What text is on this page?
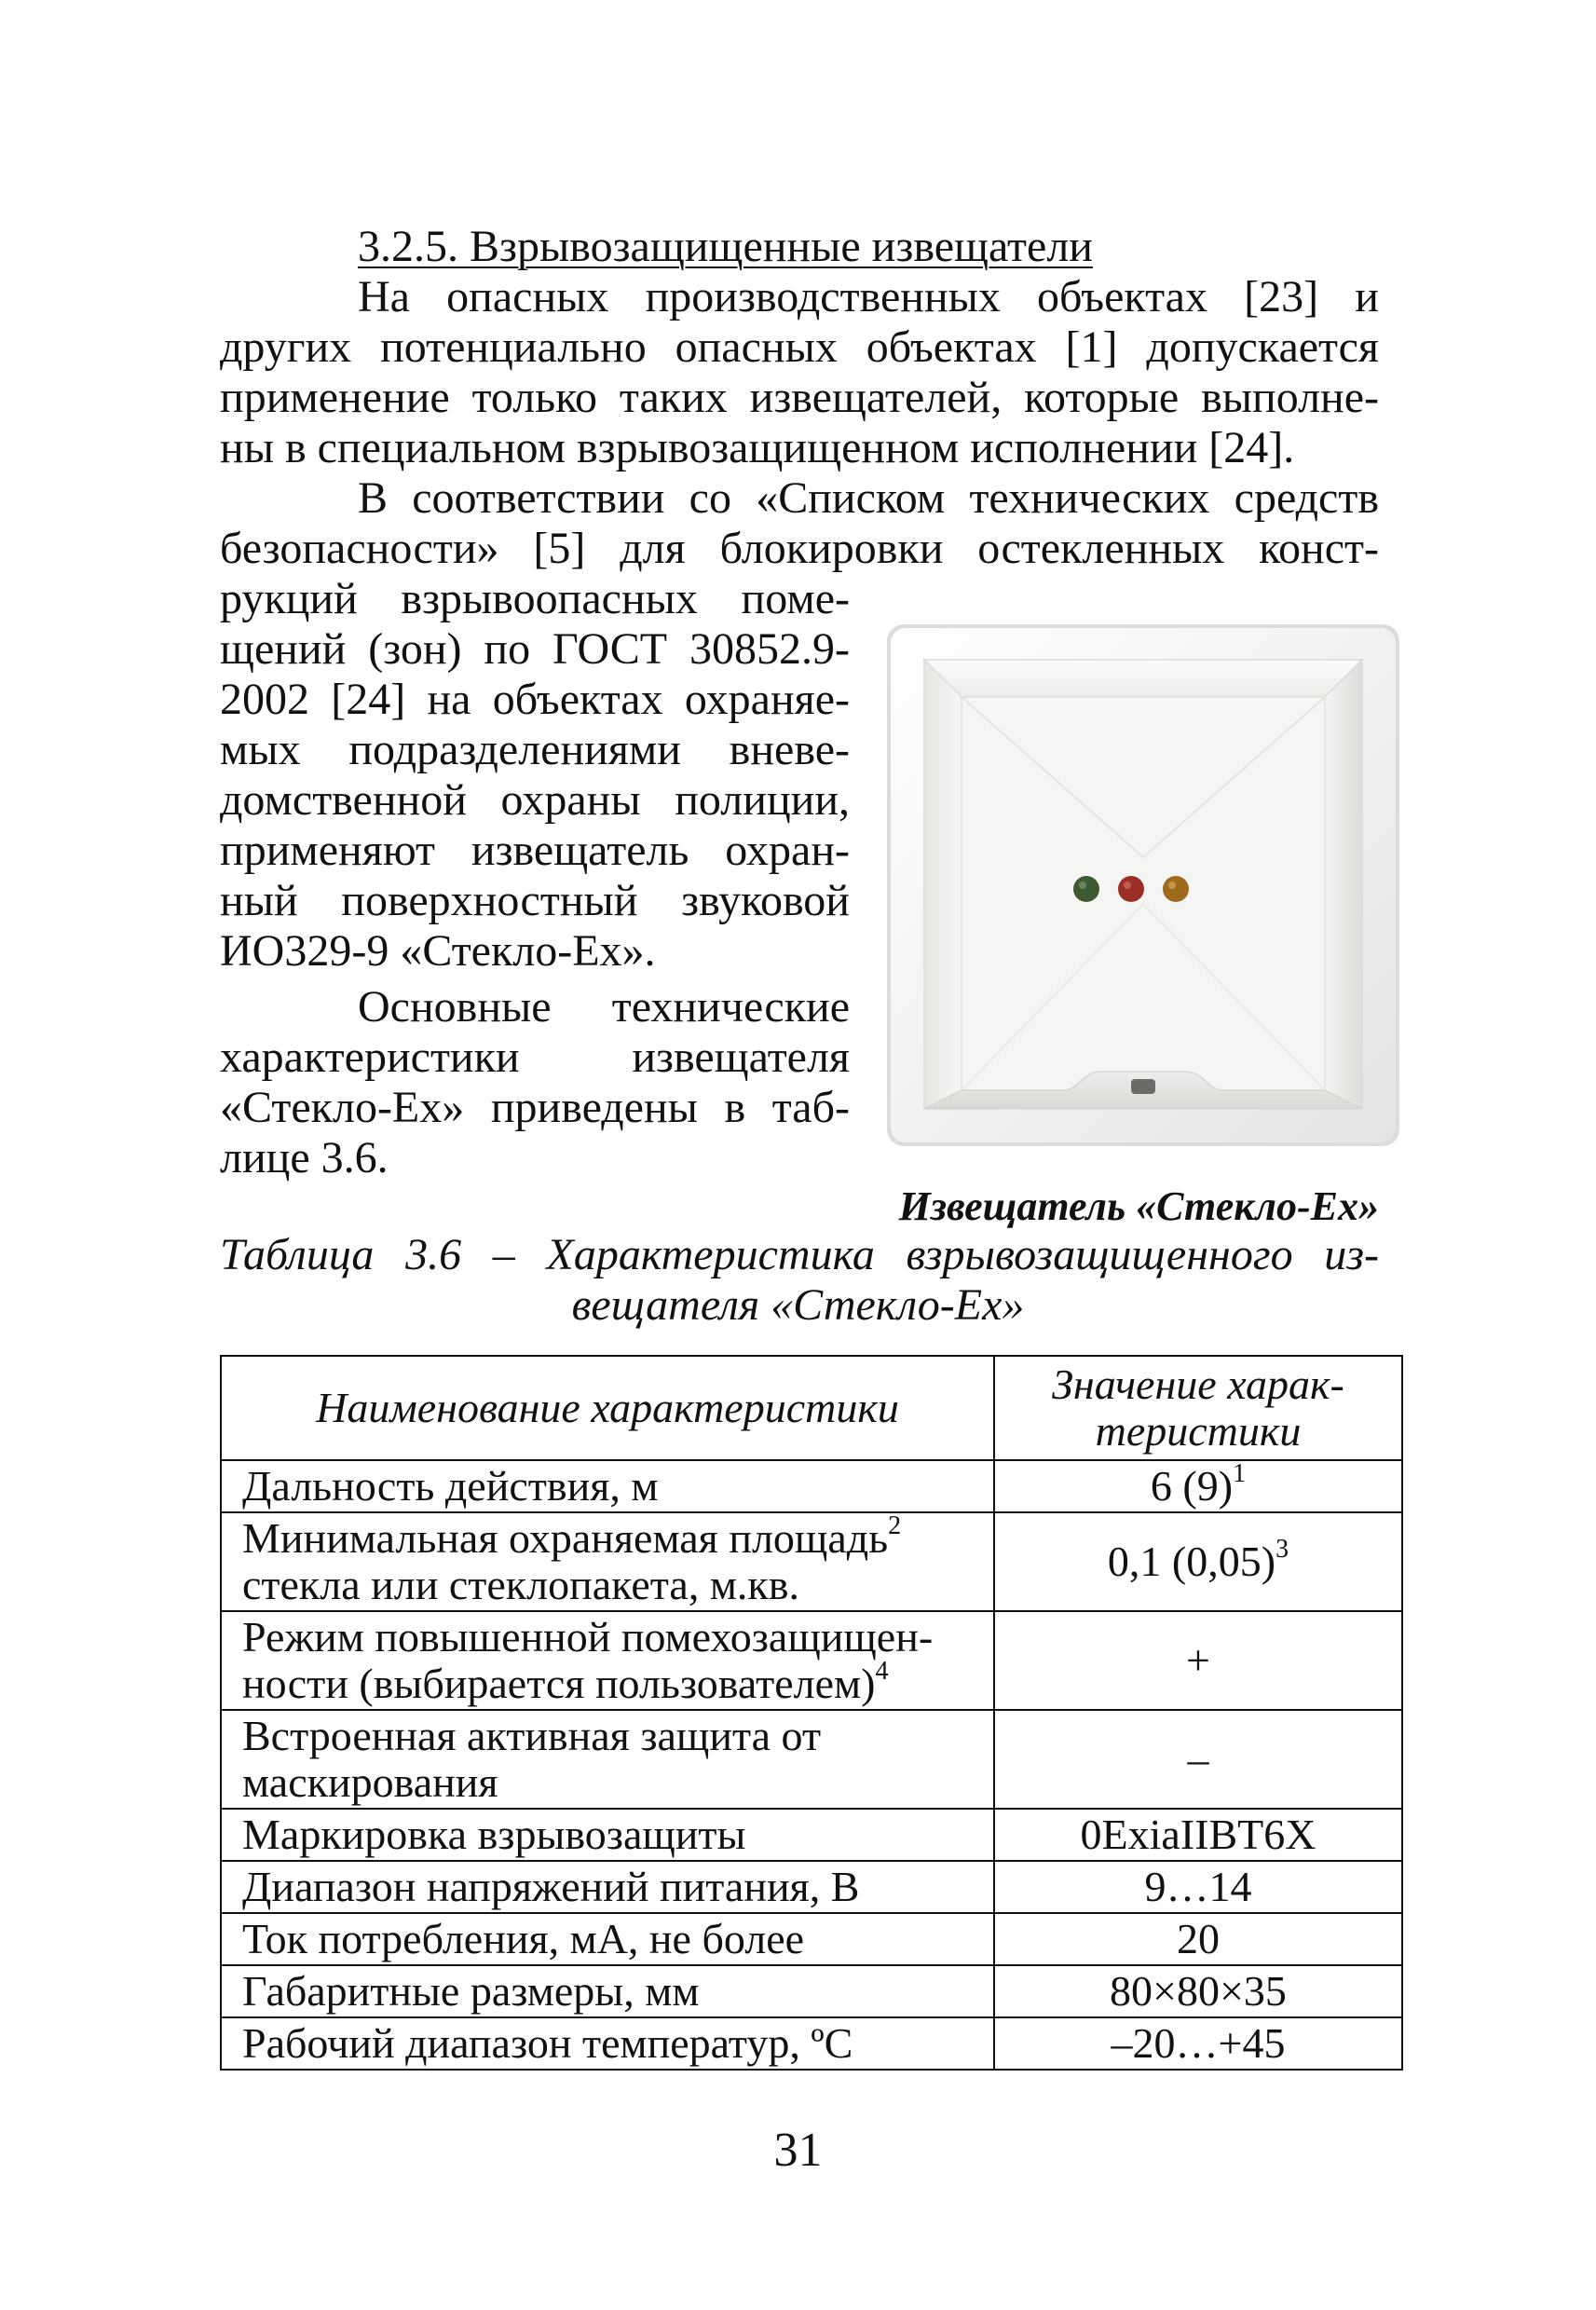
3.2.5. Взрывозащищенные извещатели
На опасных производственных объектах [23] и
других потенциально опасных объектах [1] допускается
применение только таких извещателей, которые выполне-
ны в специальном взрывозащищенном исполнении [24].
В соответствии со «Списком технических средств
безопасности» [5] для блокировки остекленных конст-
рукций взрывоопасных поме-
щений (зон) по ГОСТ 30852.9-
2002 [24] на объектах охраняе-
мых подразделениями вневе-
домственной охраны полиции,
применяют извещатель охран-
ный поверхностный звуковой
ИО329-9 «Стекло-Ех».
Основные технические
характеристики извещателя
«Стекло-Ех» приведены в таб-
лице 3.6.
Извещатель «Стекло-Ех»
Таблица 3.6 – Характеристика взрывозащищенного из-
вещателя «Стекло-Ех»
Наименование характеристики	Значение харак-
теристики
Дальность действия, м	6 $(9)^1$
Минимальная охраняемая площадь$^2$
стекла или стеклопакета, м.кв.	0,1 $(0,05)^3$
Режим повышенной помехозащищен-
ности (выбирается пользователем)$^4$	+
Встроенная активная защита от
маскирования	–
Маркировка взрывозащиты	0ExiaIIBT6X
Диапазон напряжений питания, В	9…14
Ток потребления, мА, не более	20
Габаритные размеры, мм	80×80×35
Рабочий диапазон температур, ºС	–20…+45
31
